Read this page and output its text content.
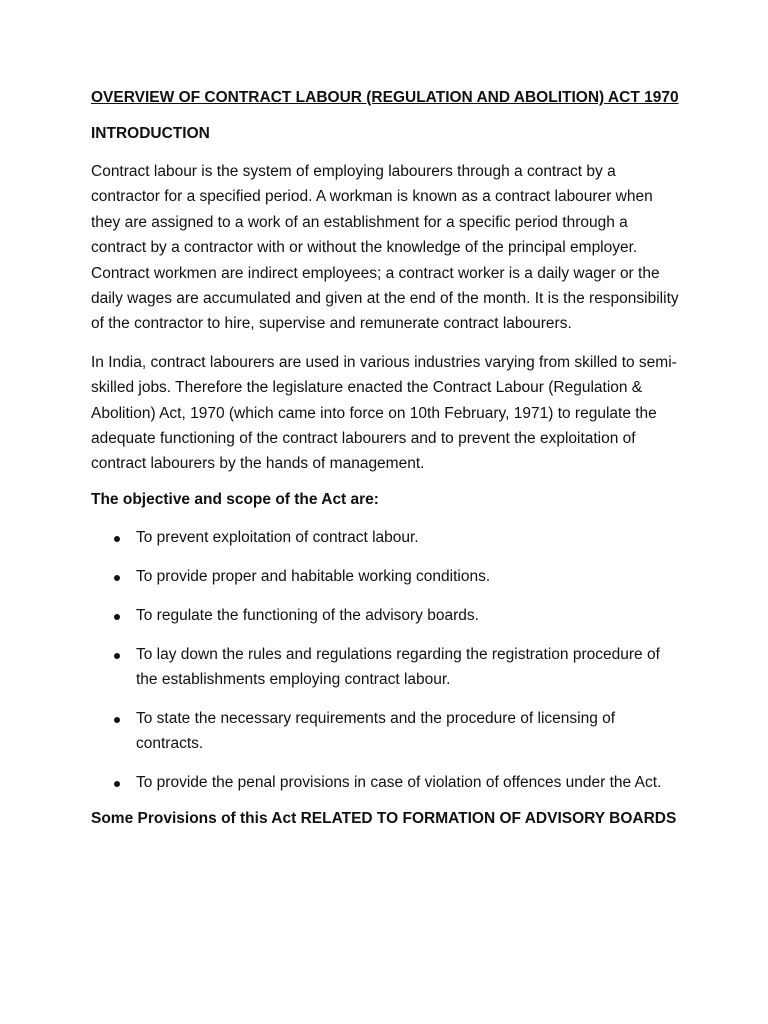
OVERVIEW OF CONTRACT LABOUR (REGULATION AND ABOLITION) ACT 1970
INTRODUCTION

Contract labour is the system of employing labourers through a contract by a contractor for a specified period. A workman is known as a contract labourer when they are assigned to a work of an establishment for a specific period through a contract by a contractor with or without the knowledge of the principal employer. Contract workmen are indirect employees; a contract worker is a daily wager or the daily wages are accumulated and given at the end of the month. It is the responsibility of the contractor to hire, supervise and remunerate contract labourers.

In India, contract labourers are used in various industries varying from skilled to semi-skilled jobs. Therefore the legislature enacted the Contract Labour (Regulation & Abolition) Act, 1970 (which came into force on 10th February, 1971) to regulate the adequate functioning of the contract labourers and to prevent the exploitation of contract labourers by the hands of management.

The objective and scope of the Act are:
To prevent exploitation of contract labour.
To provide proper and habitable working conditions.
To regulate the functioning of the advisory boards.
To lay down the rules and regulations regarding the registration procedure of the establishments employing contract labour.
To state the necessary requirements and the procedure of licensing of contracts.
To provide the penal provisions in case of violation of offences under the Act.
Some Provisions of this Act RELATED TO FORMATION OF ADVISORY BOARDS
